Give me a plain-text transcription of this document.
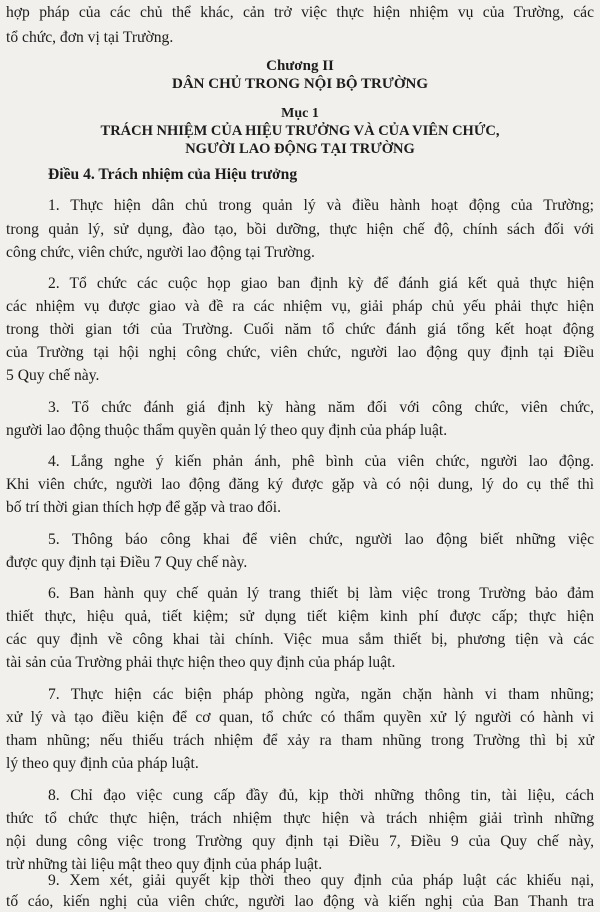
hợp pháp của các chủ thể khác, cản trở việc thực hiện nhiệm vụ của Trường, các
tổ chức, đơn vị tại Trường.
Chương II
DÂN CHỦ TRONG NỘI BỘ TRƯỜNG
Mục 1
TRÁCH NHIỆM CỦA HIỆU TRƯỞNG VÀ CỦA VIÊN CHỨC,
NGƯỜI LAO ĐỘNG TẠI TRƯỜNG
Điều 4. Trách nhiệm của Hiệu trưởng
1. Thực hiện dân chủ trong quản lý và điều hành hoạt động của Trường;
trong quản lý, sử dụng, đào tạo, bồi dưỡng, thực hiện chế độ, chính sách đối với
công chức, viên chức, người lao động tại Trường.
2. Tổ chức các cuộc họp giao ban định kỳ để đánh giá kết quả thực hiện
các nhiệm vụ được giao và đề ra các nhiệm vụ, giải pháp chủ yếu phải thực hiện
trong thời gian tới của Trường. Cuối năm tổ chức đánh giá tổng kết hoạt động
của Trường tại hội nghị công chức, viên chức, người lao động quy định tại Điều
5 Quy chế này.
3. Tổ chức đánh giá định kỳ hàng năm đối với công chức, viên chức,
người lao động thuộc thẩm quyền quản lý theo quy định của pháp luật.
4. Lắng nghe ý kiến phản ánh, phê bình của viên chức, người lao động.
Khi viên chức, người lao động đăng ký được gặp và có nội dung, lý do cụ thể thì
bố trí thời gian thích hợp để gặp và trao đổi.
5. Thông báo công khai để viên chức, người lao động biết những việc
được quy định tại Điều 7 Quy chế này.
6. Ban hành quy chế quản lý trang thiết bị làm việc trong Trường bảo đảm
thiết thực, hiệu quả, tiết kiệm; sử dụng tiết kiệm kinh phí được cấp; thực hiện
các quy định về công khai tài chính. Việc mua sắm thiết bị, phương tiện và các
tài sản của Trường phải thực hiện theo quy định của pháp luật.
7. Thực hiện các biện pháp phòng ngừa, ngăn chặn hành vi tham nhũng;
xử lý và tạo điều kiện để cơ quan, tổ chức có thẩm quyền xử lý người có hành vi
tham nhũng; nếu thiếu trách nhiệm để xảy ra tham nhũng trong Trường thì bị xử
lý theo quy định của pháp luật.
8. Chỉ đạo việc cung cấp đầy đủ, kịp thời những thông tin, tài liệu, cách
thức tổ chức thực hiện, trách nhiệm thực hiện và trách nhiệm giải trình những
nội dung công việc trong Trường quy định tại Điều 7, Điều 9 của Quy chế này,
trừ những tài liệu mật theo quy định của pháp luật.
9. Xem xét, giải quyết kịp thời theo quy định của pháp luật các khiếu nại,
tố cáo, kiến nghị của viên chức, người lao động và kiến nghị của Ban Thanh tra
